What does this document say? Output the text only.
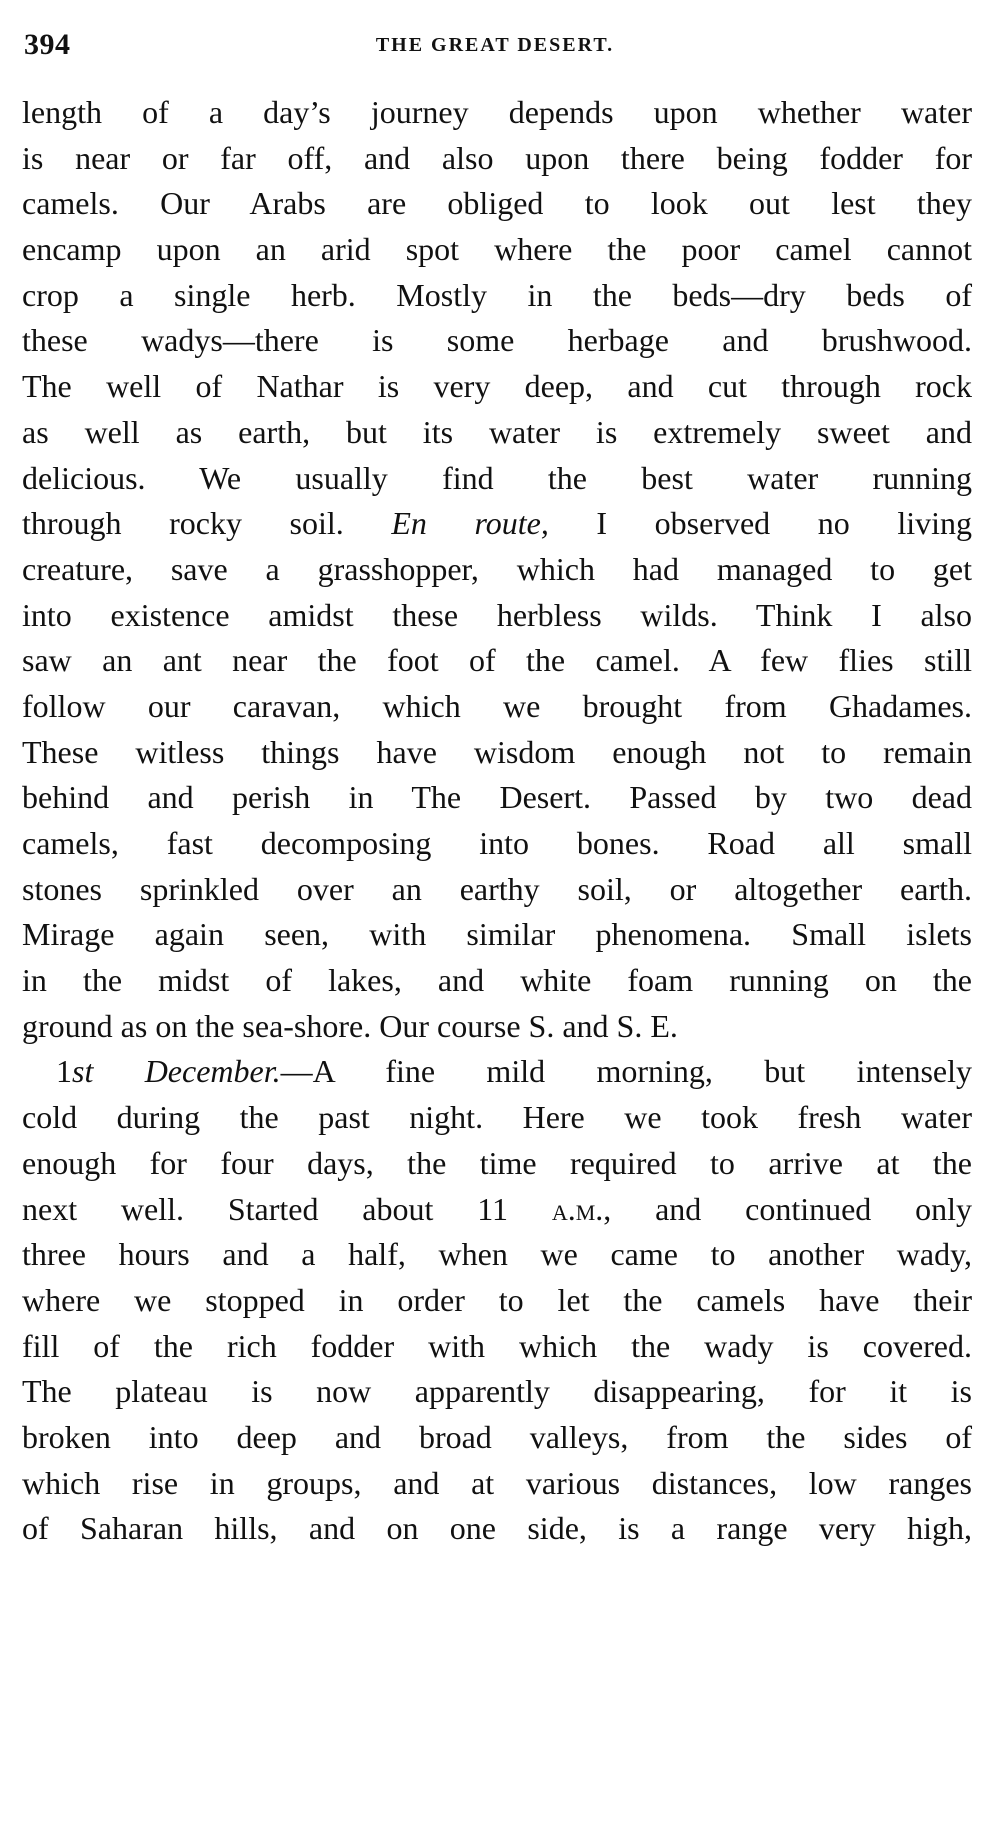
394	THE GREAT DESERT.
length of a day’s journey depends upon whether water
is near or far off, and also upon there being fodder for
camels. Our Arabs are obliged to look out lest they
encamp upon an arid spot where the poor camel cannot
crop a single herb. Mostly in the beds—dry beds of
these wadys—there is some herbage and brushwood.
The well of Nathar is very deep, and cut through rock
as well as earth, but its water is extremely sweet and
delicious. We usually find the best water running
through rocky soil. En route, I observed no living
creature, save a grasshopper, which had managed to get
into existence amidst these herbless wilds. Think I also
saw an ant near the foot of the camel. A few flies still
follow our caravan, which we brought from Ghadames.
These witless things have wisdom enough not to remain
behind and perish in The Desert. Passed by two dead
camels, fast decomposing into bones. Road all small
stones sprinkled over an earthy soil, or altogether earth.
Mirage again seen, with similar phenomena. Small islets
in the midst of lakes, and white foam running on the
ground as on the sea-shore. Our course S. and S. E.
1st December.—A fine mild morning, but intensely
cold during the past night. Here we took fresh water
enough for four days, the time required to arrive at the
next well. Started about 11 a.m., and continued only
three hours and a half, when we came to another wady,
where we stopped in order to let the camels have their
fill of the rich fodder with which the wady is covered.
The plateau is now apparently disappearing, for it is
broken into deep and broad valleys, from the sides of
which rise in groups, and at various distances, low ranges
of Saharan hills, and on one side, is a range very high,
